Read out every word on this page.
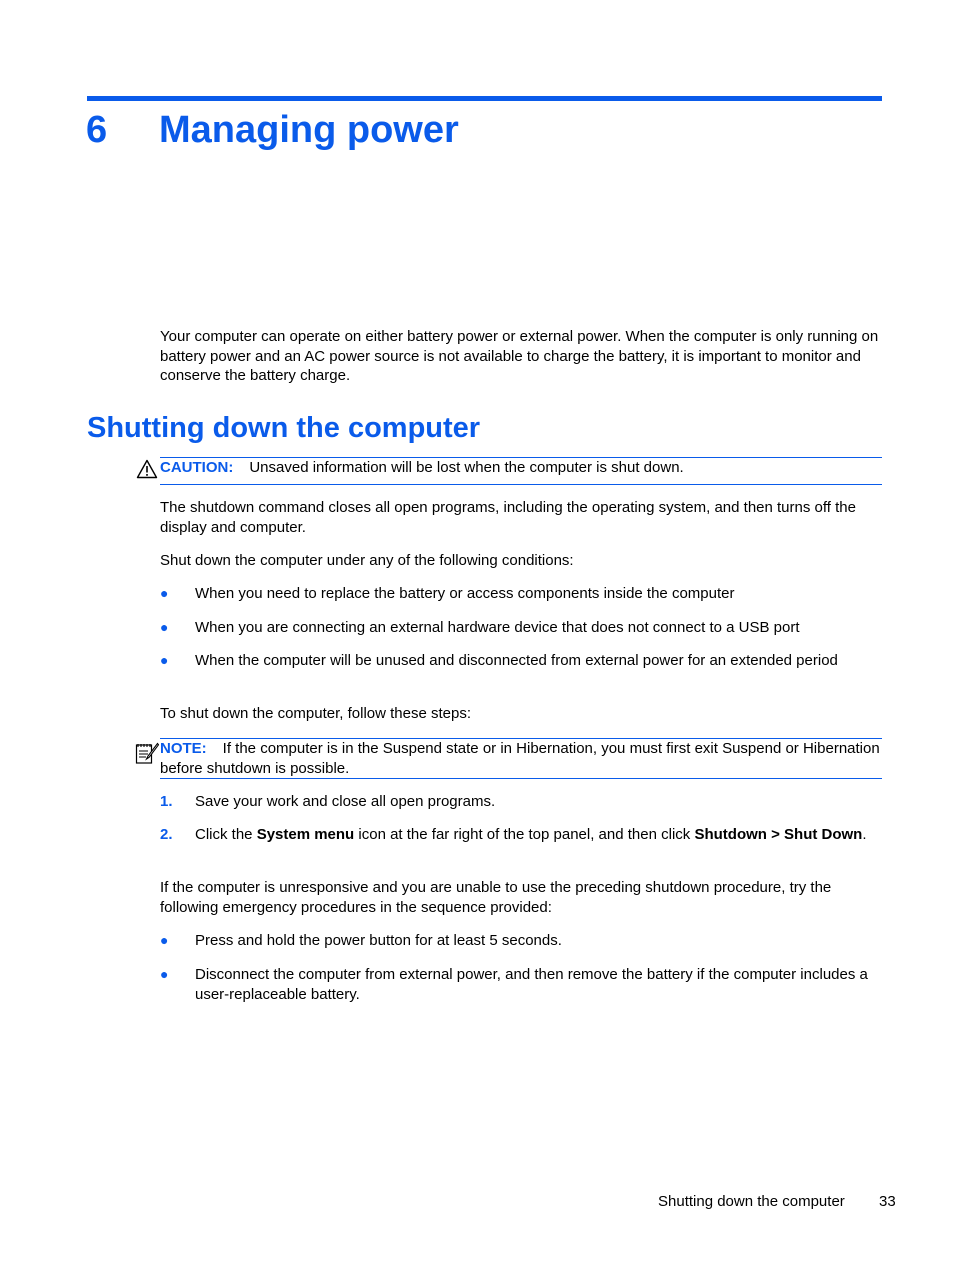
6 Managing power
Your computer can operate on either battery power or external power. When the computer is only running on battery power and an AC power source is not available to charge the battery, it is important to monitor and conserve the battery charge.
Shutting down the computer
CAUTION: Unsaved information will be lost when the computer is shut down.
The shutdown command closes all open programs, including the operating system, and then turns off the display and computer.
Shut down the computer under any of the following conditions:
●	When you need to replace the battery or access components inside the computer
●	When you are connecting an external hardware device that does not connect to a USB port
●	When the computer will be unused and disconnected from external power for an extended period
To shut down the computer, follow these steps:
NOTE: If the computer is in the Suspend state or in Hibernation, you must first exit Suspend or Hibernation before shutdown is possible.
1. Save your work and close all open programs.
2. Click the System menu icon at the far right of the top panel, and then click Shutdown > Shut Down.
If the computer is unresponsive and you are unable to use the preceding shutdown procedure, try the following emergency procedures in the sequence provided:
●	Press and hold the power button for at least 5 seconds.
●	Disconnect the computer from external power, and then remove the battery if the computer includes a user-replaceable battery.
Shutting down the computer 33
